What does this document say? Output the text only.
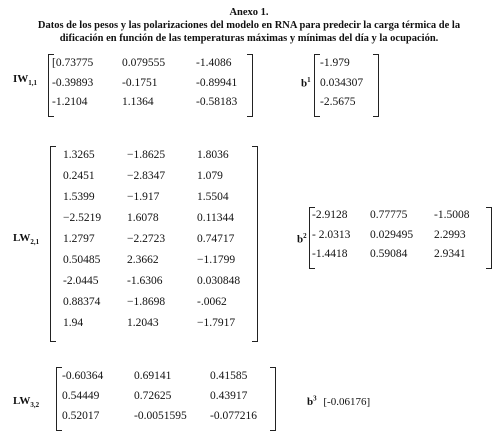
Anexo 1.
Datos de los pesos y las polarizaciones del modelo en RNA para predecir la carga térmica de la
dificación en función de las temperaturas máximas y mínimas del día y la ocupación.
$IW_{1,1}$
[0.73775	0.079555	-1.4086
-0.39893	-0.1751	-0.89941
-1.2104	1.1364	-0.58183
$b^1$
-1.979
0.034307
-2.5675
$LW_{2,1}$
1.3265	−1.8625	1.8036
0.2451	−2.8347	1.079
1.5399	−1.917	1.5504
−2.5219	1.6078	0.11344
1.2797	−2.2723	0.74717
0.50485	2.3662	−1.1799
-2.0445	-1.6306	0.030848
0.88374	−1.8698	-.0062
1.94	1.2043	−1.7917
$b^2$
-2.9128	0.77775	-1.5008
- 2.0313	0.029495	2.2993
-1.4418	0.59084	2.9341
$LW_{3,2}$
-0.60364	0.69141	0.41585
0.54449	0.72625	0.43917
0.52017	-0.0051595	-0.077216
$b^3$ [-0.06176]
